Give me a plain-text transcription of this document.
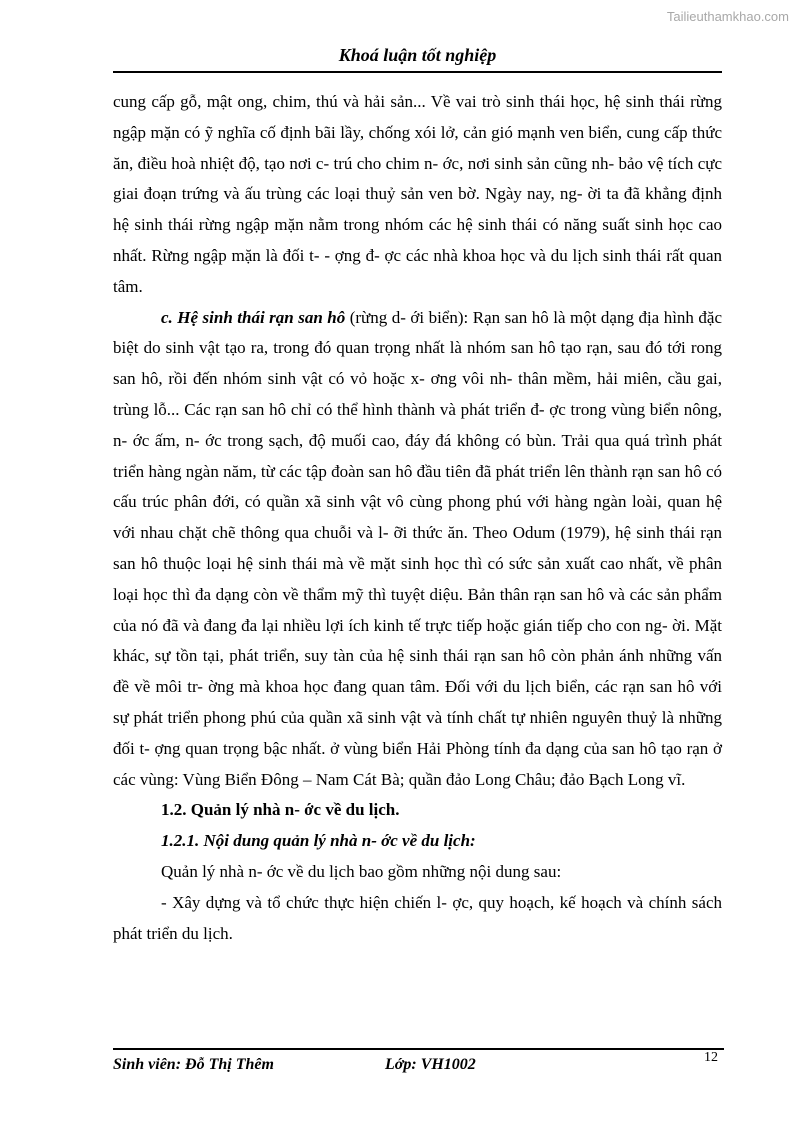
Tailieuthamkhao.com
Khoá luận tốt nghiệp

cung cấp gỗ, mật ong, chim, thú và hải sản... Về vai trò sinh thái học, hệ sinh thái rừng ngập mặn có ỹ nghĩa cố định bãi lầy, chống xói lở, cản gió mạnh ven biển, cung cấp thức ăn, điều hoà nhiệt độ, tạo nơi c- trú cho chim n- ớc, nơi sinh sản cũng nh- bảo vệ tích cực giai đoạn trứng và ấu trùng các loại thuỷ sản ven bờ. Ngày nay, ng- ời ta đã khẳng định hệ sinh thái rừng ngập mặn nằm trong nhóm các hệ sinh thái có năng suất sinh học cao nhất. Rừng ngập mặn là đối t- - ợng đ- ợc các nhà khoa học và du lịch sinh thái rất quan tâm.

c. Hệ sinh thái rạn san hô (rừng d- ới biển): Rạn san hô là một dạng địa hình đặc biệt do sinh vật tạo ra, trong đó quan trọng nhất là nhóm san hô tạo rạn, sau đó tới rong san hô, rồi đến nhóm sinh vật có vỏ hoặc x- ơng vôi nh- thân mềm, hải miên, cầu gai, trùng lỗ... Các rạn san hô chỉ có thể hình thành và phát triển đ- ợc trong vùng biển nông, n- ớc ấm, n- ớc trong sạch, độ muối cao, đáy đá không có bùn. Trải qua quá trình phát triển hàng ngàn năm, từ các tập đoàn san hô đầu tiên đã phát triển lên thành rạn san hô có cấu trúc phân đới, có quần xã sinh vật vô cùng phong phú với hàng ngàn loài, quan hệ với nhau chặt chẽ thông qua chuỗi và l- ỡi thức ăn. Theo Odum (1979), hệ sinh thái rạn san hô thuộc loại hệ sinh thái mà về mặt sinh học thì có sức sản xuất cao nhất, về phân loại học thì đa dạng còn về thẩm mỹ thì tuyệt diệu. Bản thân rạn san hô và các sản phẩm của nó đã và đang đa lại nhiều lợi ích kinh tế trực tiếp hoặc gián tiếp cho con ng- ời. Mặt khác, sự tồn tại, phát triển, suy tàn của hệ sinh thái rạn san hô còn phản ánh những vấn đề về môi tr- ờng mà khoa học đang quan tâm. Đối với du lịch biển, các rạn san hô với sự phát triển phong phú của quần xã sinh vật và tính chất tự nhiên nguyên thuỷ là những đối t- ợng quan trọng bậc nhất. ở vùng biển Hải Phòng tính đa dạng của san hô tạo rạn ở các vùng: Vùng Biển Đông – Nam Cát Bà; quần đảo Long Châu; đảo Bạch Long vĩ.

1.2. Quản lý nhà n- ớc về du lịch.

1.2.1. Nội dung quản lý nhà n- ớc về du lịch:

Quản lý nhà n- ớc về du lịch bao gồm những nội dung sau:

- Xây dựng và tổ chức thực hiện chiến l- ợc, quy hoạch, kế hoạch và chính sách phát triển du lịch.

Sinh viên: Đỗ Thị Thêm	Lớp: VH1002	12
